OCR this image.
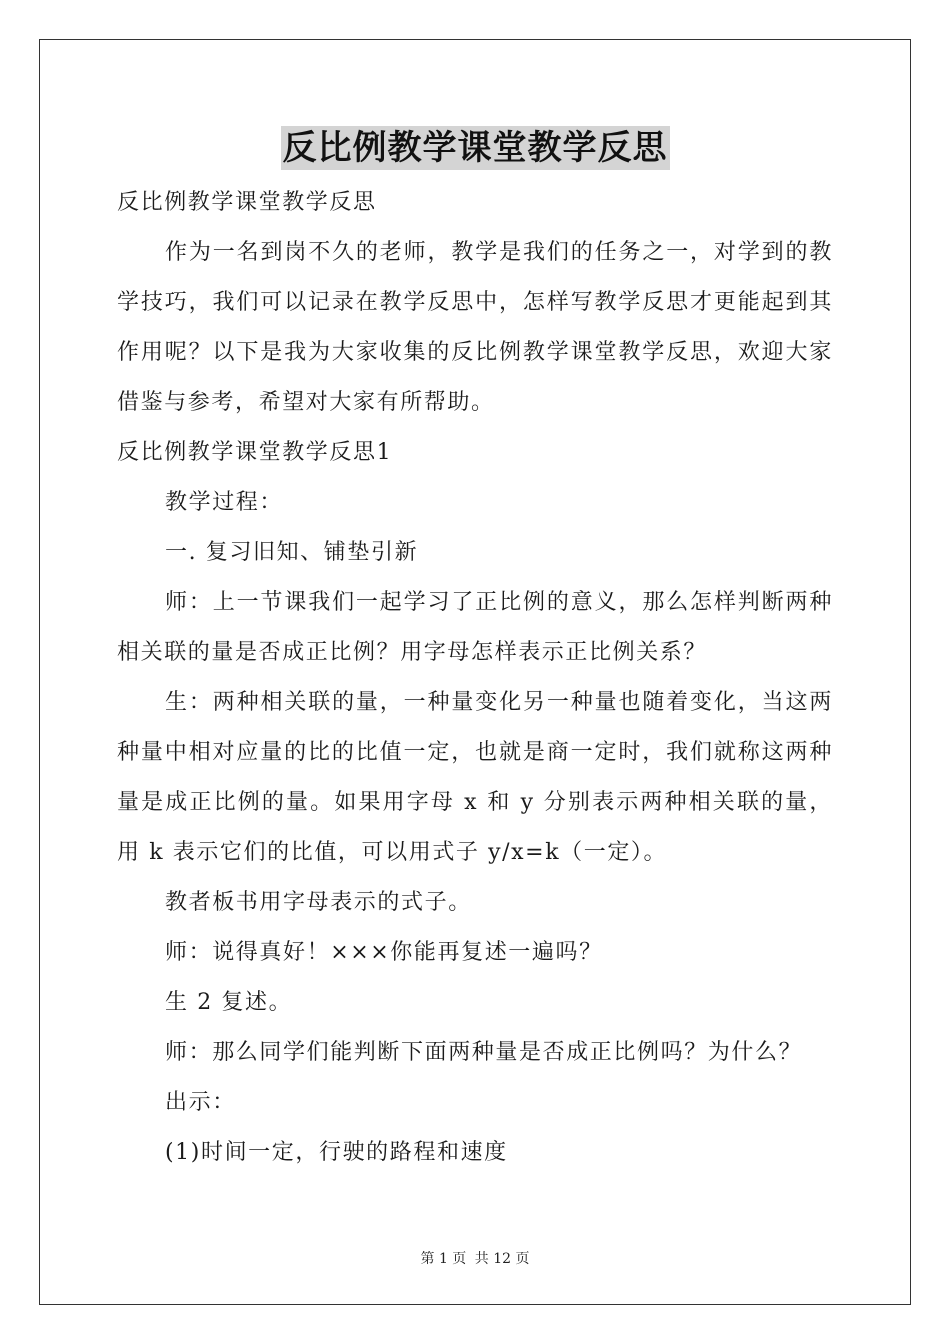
反比例教学课堂教学反思
反比例教学课堂教学反思
作为一名到岗不久的老师，教学是我们的任务之一，对学到的教学技巧，我们可以记录在教学反思中，怎样写教学反思才更能起到其作用呢？以下是我为大家收集的反比例教学课堂教学反思，欢迎大家借鉴与参考，希望对大家有所帮助。
反比例教学课堂教学反思1
教学过程：
一. 复习旧知、铺垫引新
师：上一节课我们一起学习了正比例的意义，那么怎样判断两种相关联的量是否成正比例？用字母怎样表示正比例关系？
生：两种相关联的量，一种量变化另一种量也随着变化，当这两种量中相对应量的比的比值一定，也就是商一定时，我们就称这两种量是成正比例的量。如果用字母 x 和 y 分别表示两种相关联的量，用 k 表示它们的比值，可以用式子 y/x=k（一定）。
教者板书用字母表示的式子。
师：说得真好！×××你能再复述一遍吗？
生 2 复述。
师：那么同学们能判断下面两种量是否成正比例吗？为什么？
出示：
(1)时间一定，行驶的路程和速度
第 1 页 共 12 页
